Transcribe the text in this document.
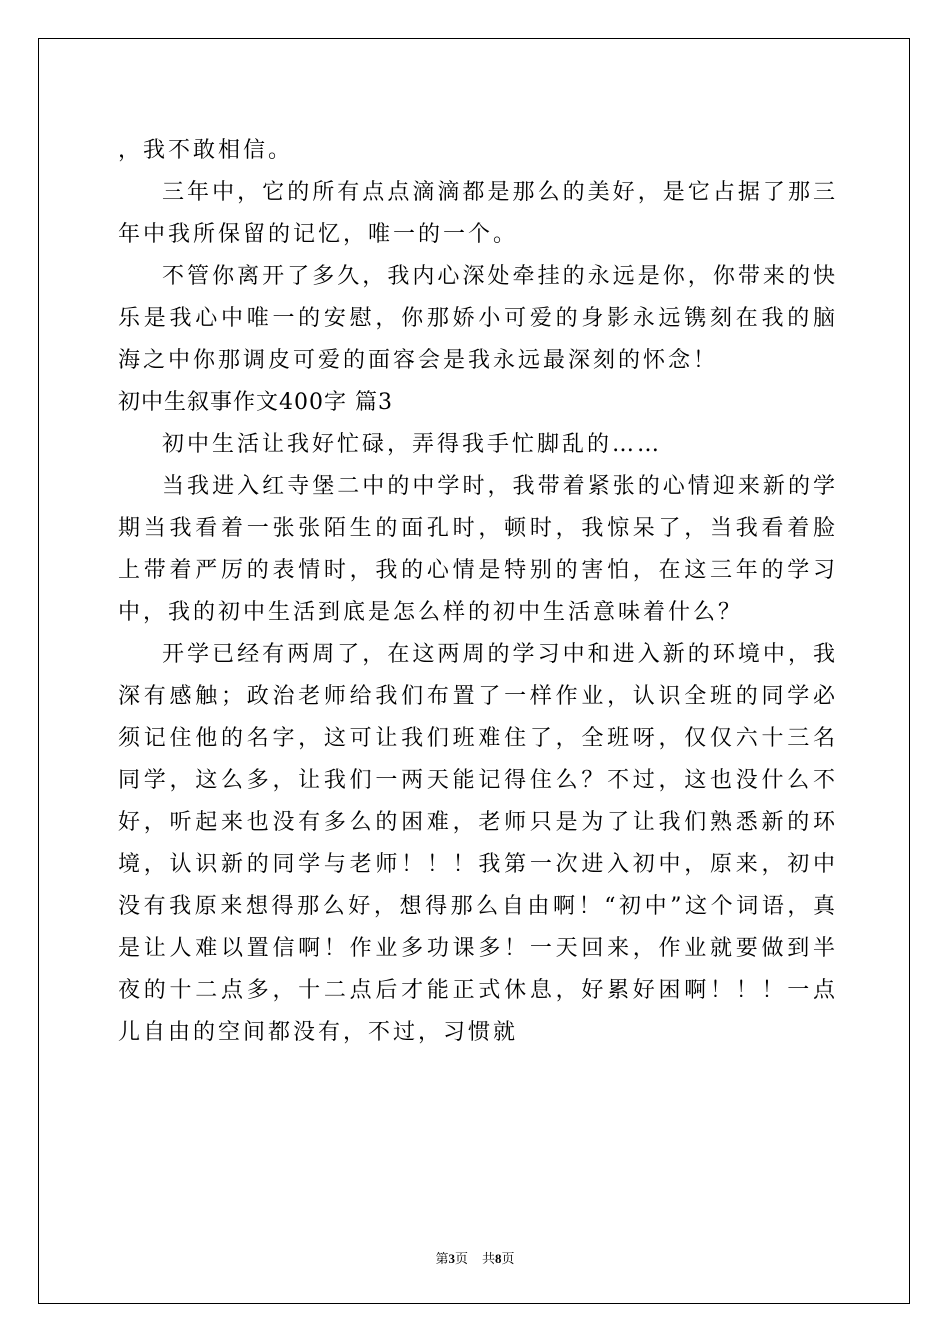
，我不敢相信。

三年中，它的所有点点滴滴都是那么的美好，是它占据了那三年中我所保留的记忆，唯一的一个。

不管你离开了多久，我内心深处牵挂的永远是你，你带来的快乐是我心中唯一的安慰，你那娇小可爱的身影永远镌刻在我的脑海之中你那调皮可爱的面容会是我永远最深刻的怀念！

初中生叙事作文400字 篇3

初中生活让我好忙碌，弄得我手忙脚乱的……

当我进入红寺堡二中的中学时，我带着紧张的心情迎来新的学期当我看着一张张陌生的面孔时，顿时，我惊呆了，当我看着脸上带着严厉的表情时，我的心情是特别的害怕，在这三年的学习中，我的初中生活到底是怎么样的初中生活意味着什么？

开学已经有两周了，在这两周的学习中和进入新的环境中，我深有感触；政治老师给我们布置了一样作业，认识全班的同学必须记住他的名字，这可让我们班难住了，全班呀，仅仅六十三名同学，这么多，让我们一两天能记得住么？不过，这也没什么不好，听起来也没有多么的困难，老师只是为了让我们熟悉新的环境，认识新的同学与老师！！！我第一次进入初中，原来，初中没有我原来想得那么好，想得那么自由啊！“初中”这个词语，真是让人难以置信啊！作业多功课多！一天回来，作业就要做到半夜的十二点多，十二点后才能正式休息，好累好困啊！！！一点儿自由的空间都没有，不过，习惯就

第3页 共8页
